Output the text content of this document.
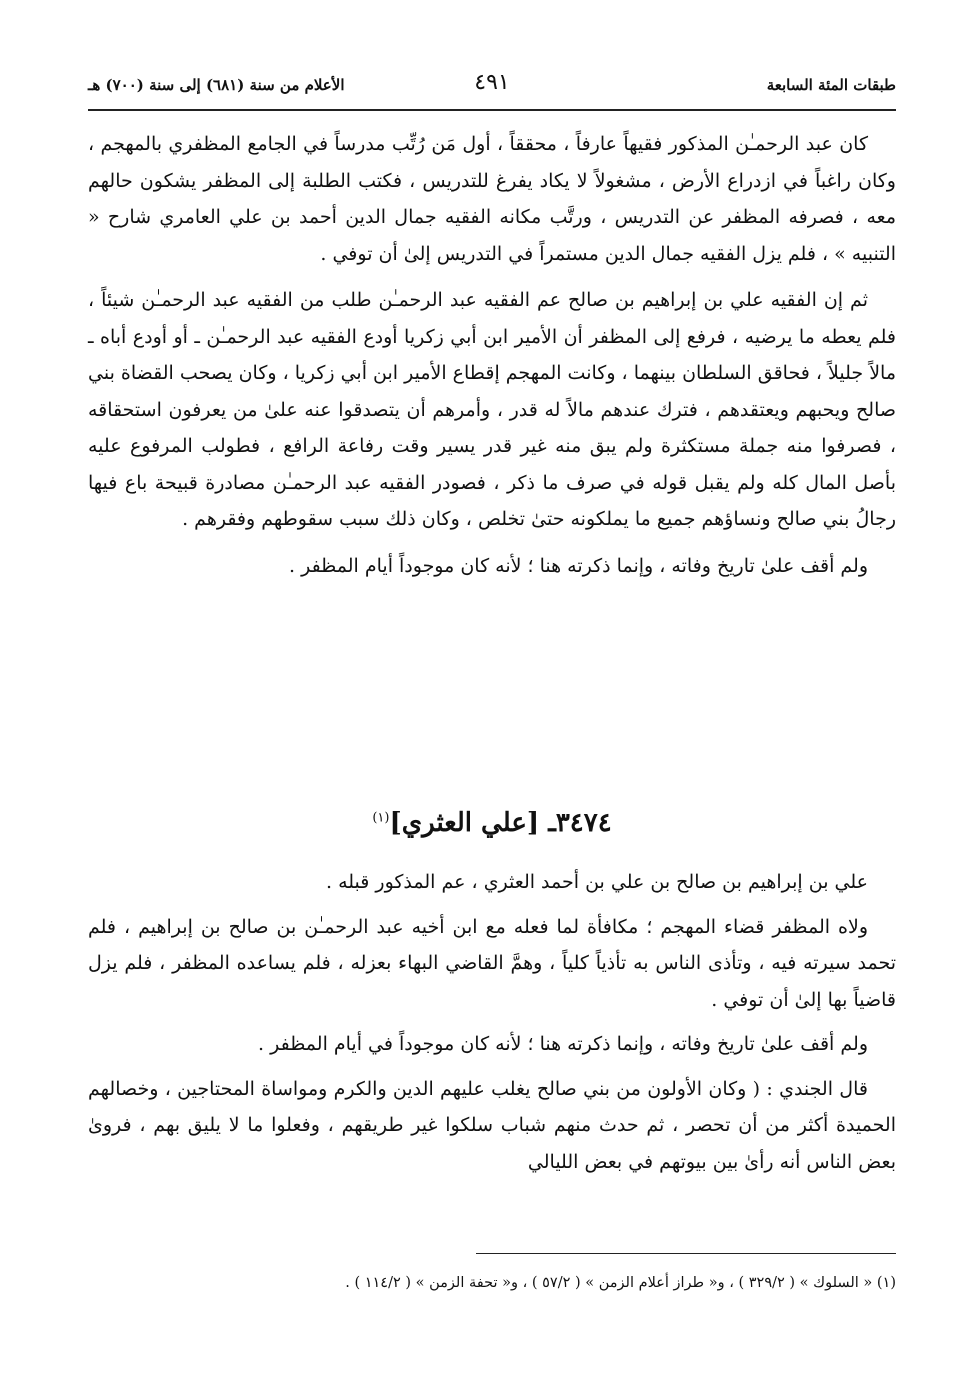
طبقات المئة السابعة
٤٩١
الأعلام من سنة (٦٨١) إلى سنة (٧٠٠) هـ

كان عبد الرحمـٰن المذكور فقيهاً عارفاً ، محققاً ، أول مَن رُتِّب مدرساً في الجامع المظفري بالمهجم ، وكان راغباً في ازدراع الأرض ، مشغولاً لا يكاد يفرغ للتدريس ، فكتب الطلبة إلى المظفر يشكون حالهم معه ، فصرفه المظفر عن التدريس ، ورتَّب مكانه الفقيه جمال الدين أحمد بن علي العامري شارح « التنبيه » ، فلم يزل الفقيه جمال الدين مستمراً في التدريس إلىٰ أن توفي .

ثم إن الفقيه علي بن إبراهيم بن صالح عم الفقيه عبد الرحمـٰن طلب من الفقيه عبد الرحمـٰن شيئاً ، فلم يعطه ما يرضيه ، فرفع إلى المظفر أن الأمير ابن أبي زكريا أودع الفقيه عبد الرحمـٰن ـ أو أودع أباه ـ مالاً جليلاً ، فحاقق السلطان بينهما ، وكانت المهجم إقطاع الأمير ابن أبي زكريا ، وكان يصحب القضاة بني صالح ويحبهم ويعتقدهم ، فترك عندهم مالاً له قدر ، وأمرهم أن يتصدقوا عنه علىٰ من يعرفون استحقاقه ، فصرفوا منه جملة مستكثرة ولم يبق منه غير قدر يسير وقت رفاعة الرافع ، فطولب المرفوع عليه بأصل المال كله ولم يقبل قوله في صرف ما ذكر ، فصودر الفقيه عبد الرحمـٰن مصادرة قبيحة باع فيها رجالُ بني صالح ونساؤهم جميع ما يملكونه حتىٰ تخلص ، وكان ذلك سبب سقوطهم وفقرهم .

ولم أقف علىٰ تاريخ وفاته ، وإنما ذكرته هنا ؛ لأنه كان موجوداً أيام المظفر .

٣٤٧٤ـ [علي العثري]$^{(١)}$

علي بن إبراهيم بن صالح بن علي بن أحمد العثري ، عم المذكور قبله .

ولاه المظفر قضاء المهجم ؛ مكافأة لما فعله مع ابن أخيه عبد الرحمـٰن بن صالح بن إبراهيم ، فلم تحمد سيرته فيه ، وتأذى الناس به تأذياً كلياً ، وهمَّ القاضي البهاء بعزله ، فلم يساعده المظفر ، فلم يزل قاضياً بها إلىٰ أن توفي .

ولم أقف علىٰ تاريخ وفاته ، وإنما ذكرته هنا ؛ لأنه كان موجوداً في أيام المظفر .

قال الجندي : ( وكان الأولون من بني صالح يغلب عليهم الدين والكرم ومواساة المحتاجين ، وخصالهم الحميدة أكثر من أن تحصر ، ثم حدث منهم شباب سلكوا غير طريقهم ، وفعلوا ما لا يليق بهم ، فروىٰ بعض الناس أنه رأىٰ بين بيوتهم في بعض الليالي

(١) « السلوك » ( ٣٢٩/٢ ) ، و« طراز أعلام الزمن » ( ٥٧/٢ ) ، و« تحفة الزمن » ( ١١٤/٢ ) .
